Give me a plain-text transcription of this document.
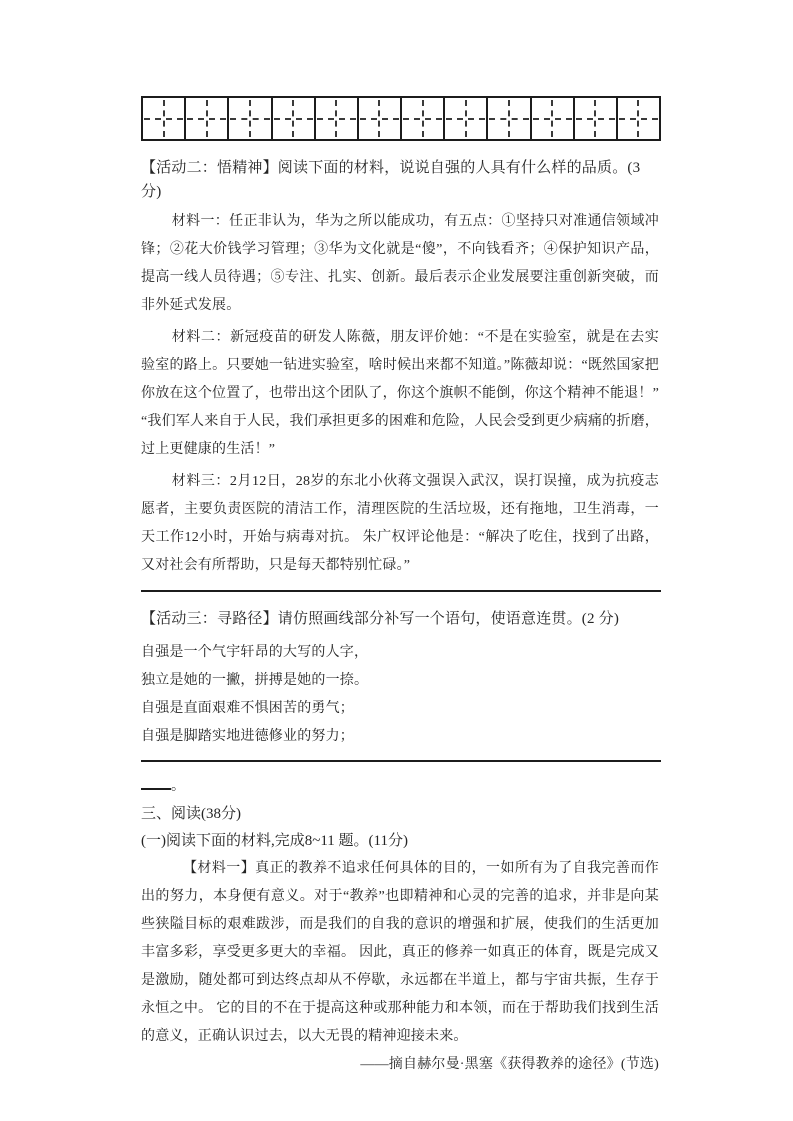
【活动二：悟精神】阅读下面的材料，说说自强的人具有什么样的品质。(3分)

材料一：任正非认为，华为之所以能成功，有五点：①坚持只对准通信领域冲锋；②花大价钱学习管理；③华为文化就是“傻”，不向钱看齐；④保护知识产品，提高一线人员待遇；⑤专注、扎实、创新。最后表示企业发展要注重创新突破，而非外延式发展。

材料二：新冠疫苗的研发人陈薇，朋友评价她：“不是在实验室，就是在去实验室的路上。只要她一钻进实验室，啥时候出来都不知道。”陈薇却说：“既然国家把你放在这个位置了，也带出这个团队了，你这个旗帜不能倒，你这个精神不能退！”“我们军人来自于人民，我们承担更多的困难和危险，人民会受到更少病痛的折磨，过上更健康的生活！”

材料三：2月12日，28岁的东北小伙蒋文强误入武汉，误打误撞，成为抗疫志愿者，主要负责医院的清洁工作，清理医院的生活垃圾，还有拖地，卫生消毒，一天工作12小时，开始与病毒对抗。 朱广权评论他是：“解决了吃住，找到了出路，又对社会有所帮助，只是每天都特别忙碌。”

【活动三：寻路径】请仿照画线部分补写一个语句，使语意连贯。(2 分)
自强是一个气宇轩昂的大写的人字，
独立是她的一撇，拼搏是她的一捺。
自强是直面艰难不惧困苦的勇气；
自强是脚踏实地进德修业的努力；
。
三、阅读(38分)
(一)阅读下面的材料,完成8~11 题。(11分)

【材料一】真正的教养不追求任何具体的目的，一如所有为了自我完善而作出的努力，本身便有意义。对于“教养”也即精神和心灵的完善的追求，并非是向某些狭隘目标的艰难跋涉，而是我们的自我的意识的增强和扩展，使我们的生活更加丰富多彩，享受更多更大的幸福。 因此，真正的修养一如真正的体育，既是完成又是激励，随处都可到达终点却从不停歇，永远都在半道上，都与宇宙共振，生存于永恒之中。 它的目的不在于提高这种或那种能力和本领，而在于帮助我们找到生活的意义，正确认识过去，以大无畏的精神迎接未来。

——摘自赫尔曼·黑塞《获得教养的途径》(节选)
